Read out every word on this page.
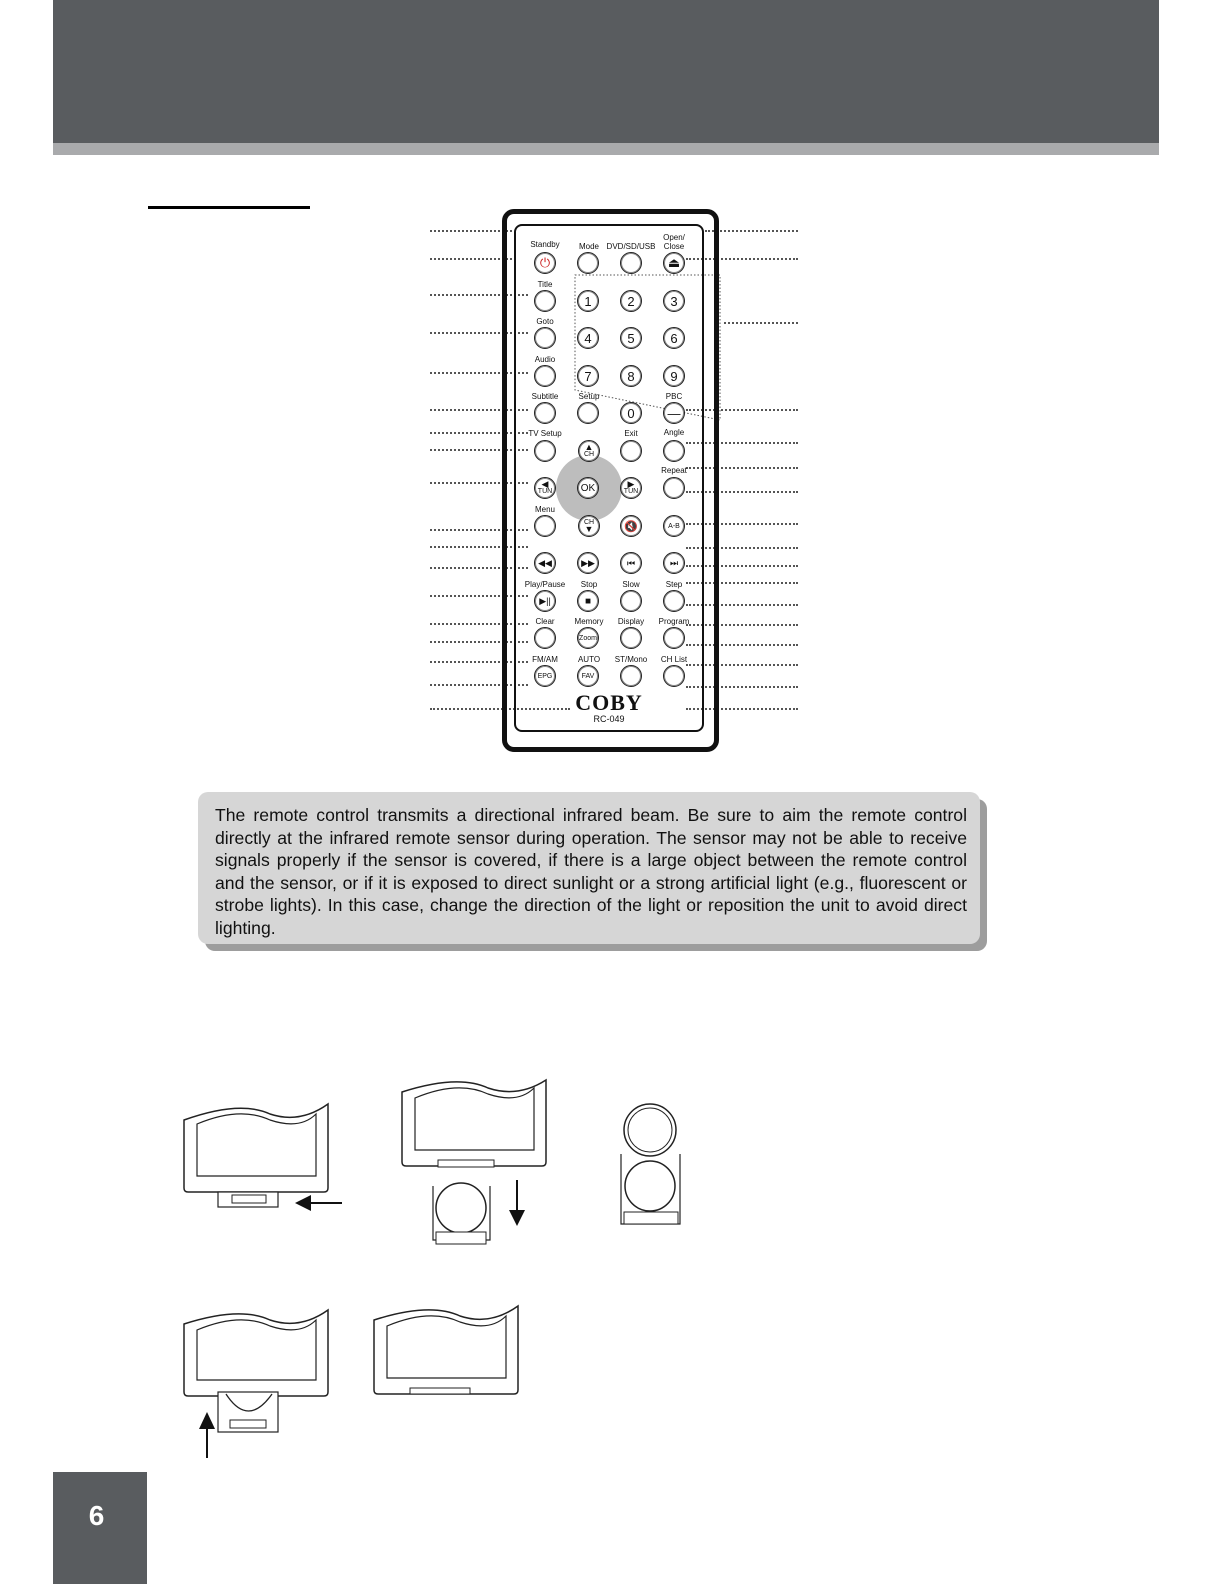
Standby Mode DVD/SD/USB
Open/
Close
⏻	⏏
Title
1	2	3
Goto
4	5	6
Audio
7	8	9
Subtitle	Setup	PBC
0	—
TV Setup	Exit	Angle
▲
CH
CH
▼
◀
TUN
▶
TUN
OK
Repeat
Menu
🔇	A-B
◀◀	▶▶	⏮	⏭
Play/Pause Stop	Slow	Step
▶||	■
Clear Memory Display Program
Zoom
FM/AM	AUTO ST/Mono CH List
EPG	FAV
COBY
RC-049
The remote control transmits a directional infrared beam. Be sure to aim the remote control directly at the infrared remote sensor during operation. The sensor may not be able to receive signals properly if the sensor is covered, if there is a large object between the remote control and the sensor, or if it is exposed to direct sunlight or a strong artificial light (e.g., fluorescent or strobe lights). In this case, change the direction of the light or reposition the unit to avoid direct lighting.
6
